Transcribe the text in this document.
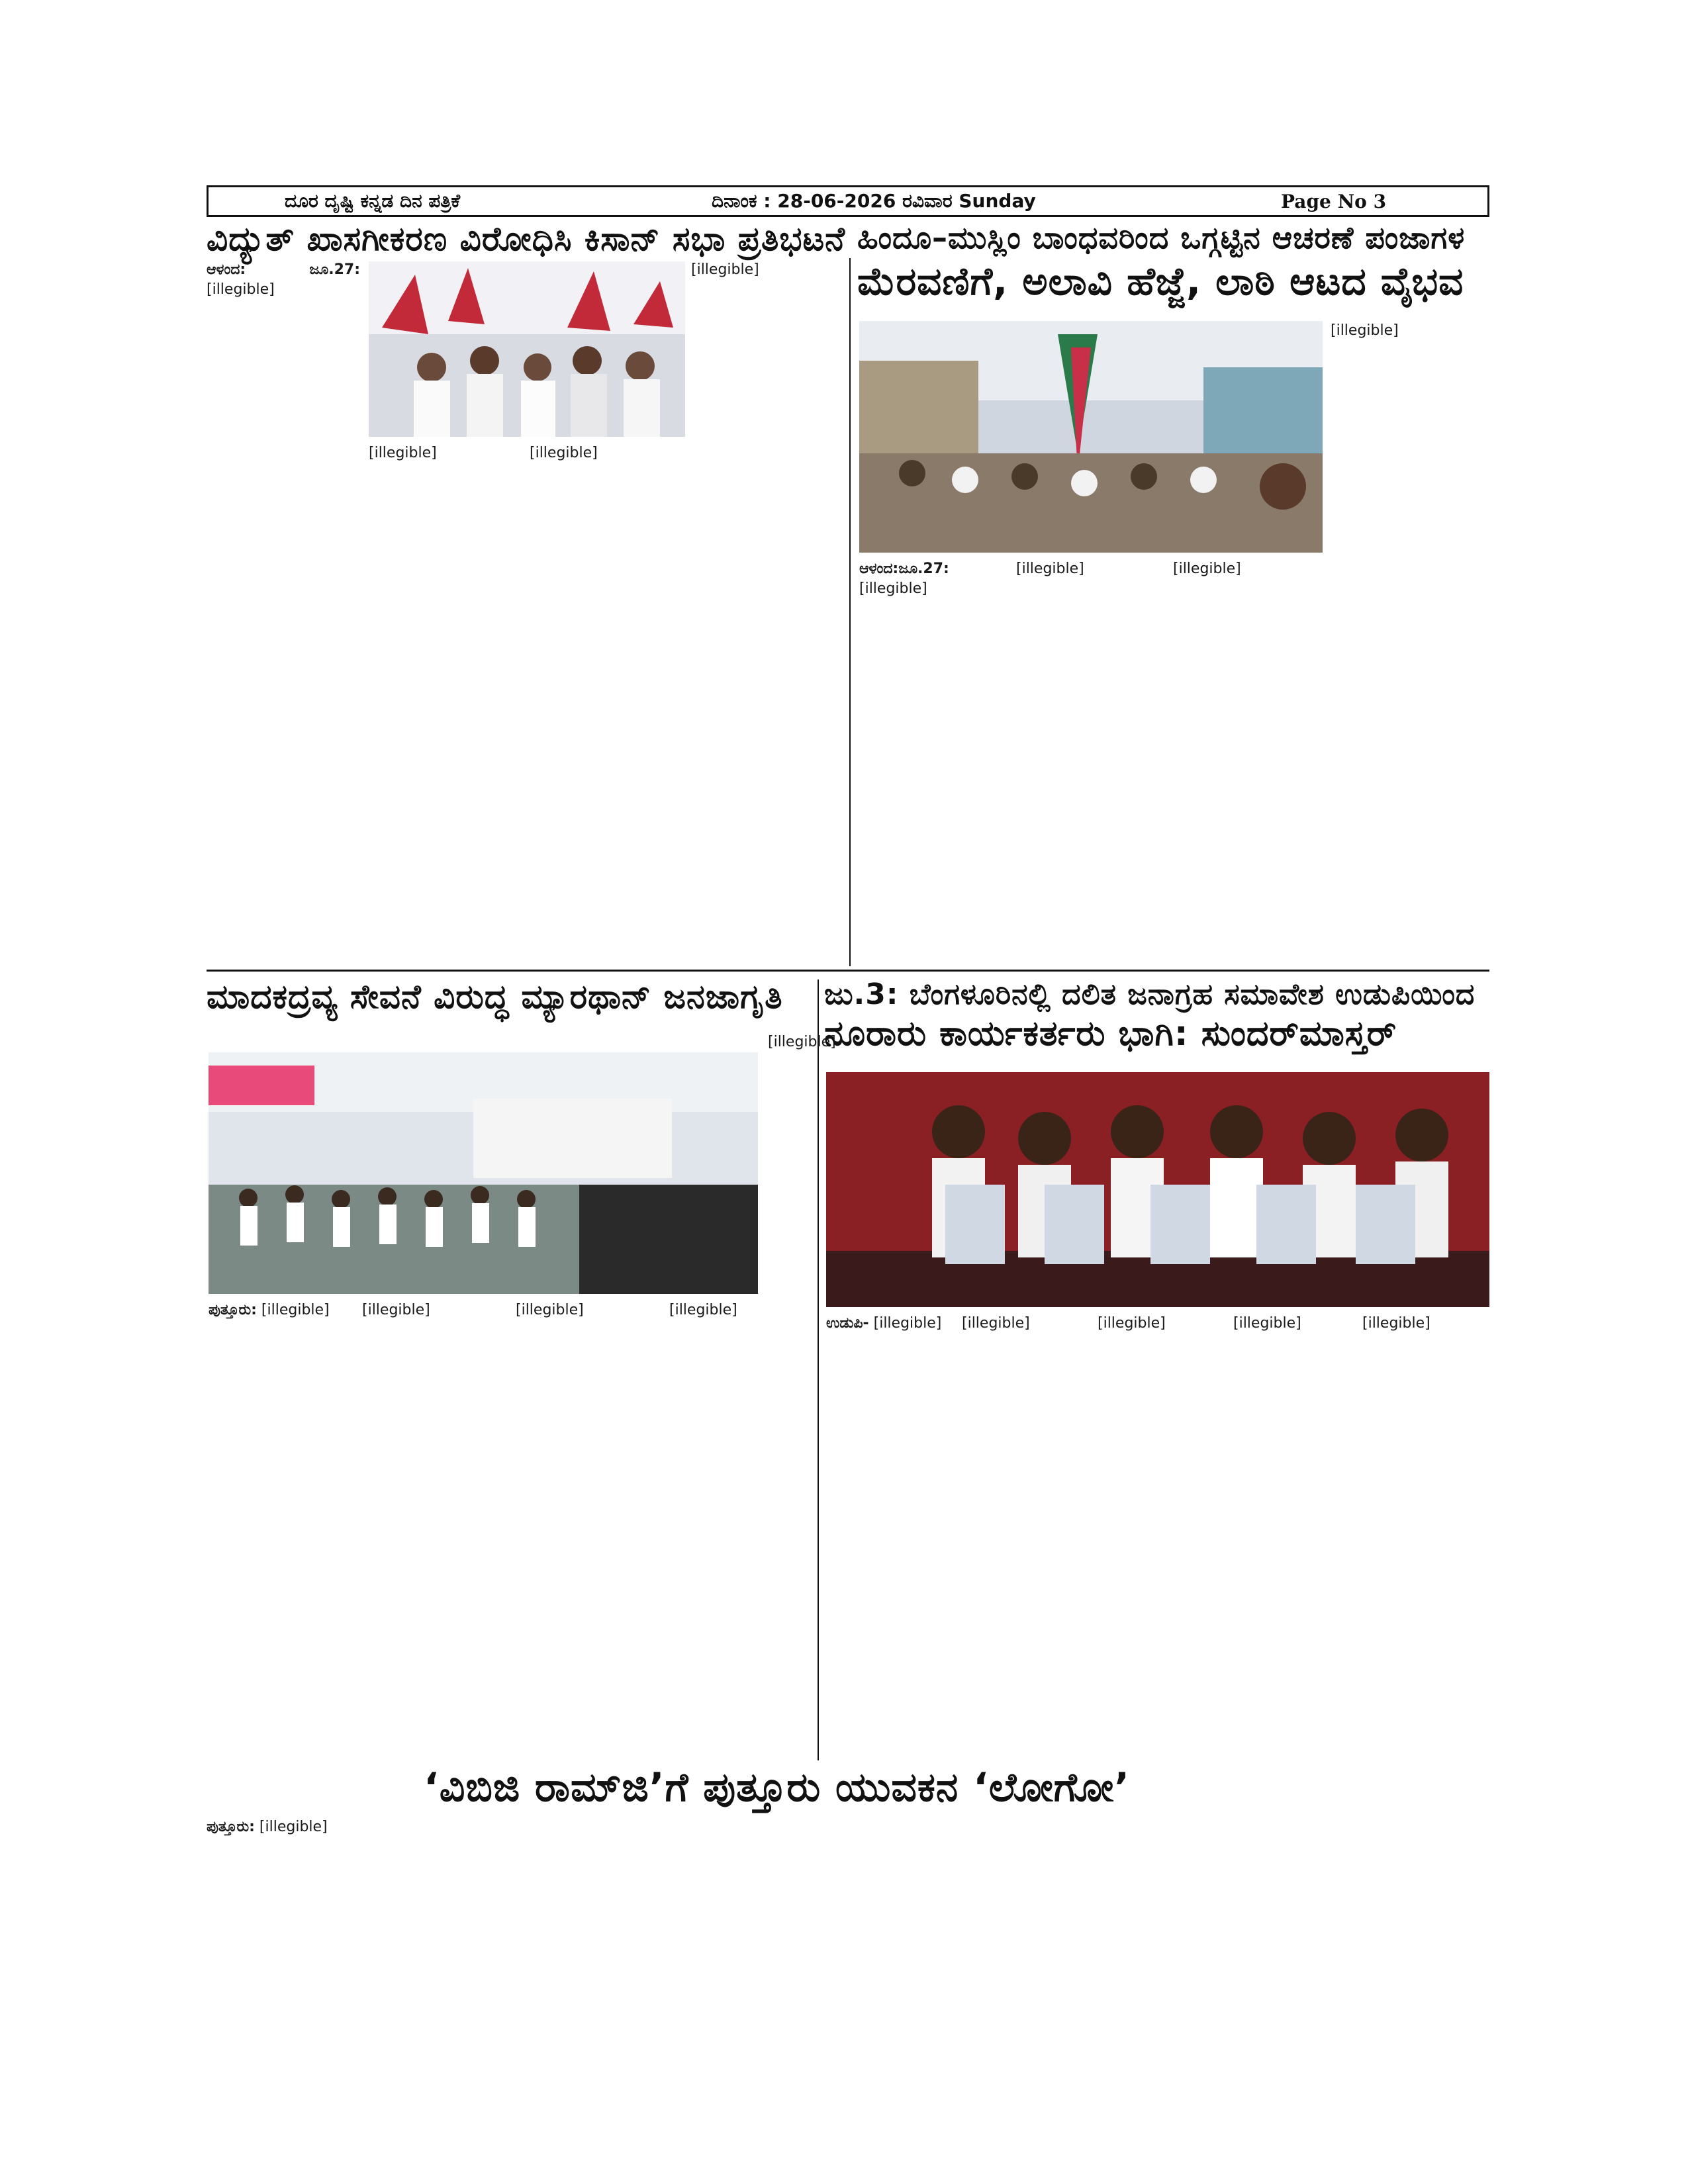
ದೂರ ದೃಷ್ಟಿ ಕನ್ನಡ ದಿನ ಪತ್ರಿಕೆ	ದಿನಾಂಕ : 28-06-2026 ರವಿವಾರ Sunday	Page No 3
ವಿದ್ಯುತ್ ಖಾಸಗೀಕರಣ ವಿರೋಧಿಸಿ ಕಿಸಾನ್ ಸಭಾ ಪ್ರತಿಭಟನೆ
ಆಳಂದ: ಜೂ.27: [illegible]
[illegible]	[illegible]
[illegible]
ಹಿಂದೂ–ಮುಸ್ಲಿಂ ಬಾಂಧವರಿಂದ ಒಗ್ಗಟ್ಟಿನ ಆಚರಣೆ ಪಂಜಾಗಳ
ಮೆರವಣಿಗೆ, ಅಲಾವಿ ಹೆಜ್ಜೆ, ಲಾಠಿ ಆಟದ ವೈಭವ
[illegible]
ಆಳಂದ:ಜೂ.27: [illegible]
[illegible]	[illegible]
ಮಾದಕದ್ರವ್ಯ ಸೇವನೆ ವಿರುದ್ಧ ಮ್ಯಾರಥಾನ್ ಜನಜಾಗೃತಿ
[illegible]
ಪುತ್ತೂರು: [illegible]	[illegible]	[illegible]	[illegible]
ಜು.3: ಬೆಂಗಳೂರಿನಲ್ಲಿ ದಲಿತ ಜನಾಗ್ರಹ ಸಮಾವೇಶ ಉಡುಪಿಯಿಂದ
ನೂರಾರು ಕಾರ್ಯಕರ್ತರು ಭಾಗಿ: ಸುಂದರ್‌ಮಾಸ್ತರ್
ಉಡುಪಿ- [illegible]	[illegible]	[illegible]	[illegible]	[illegible]
‘ವಿಬಿಜಿ ರಾಮ್‌ಜಿ’ಗೆ ಪುತ್ತೂರು ಯುವಕನ ‘ಲೋಗೋ’
ಪುತ್ತೂರು: [illegible]
